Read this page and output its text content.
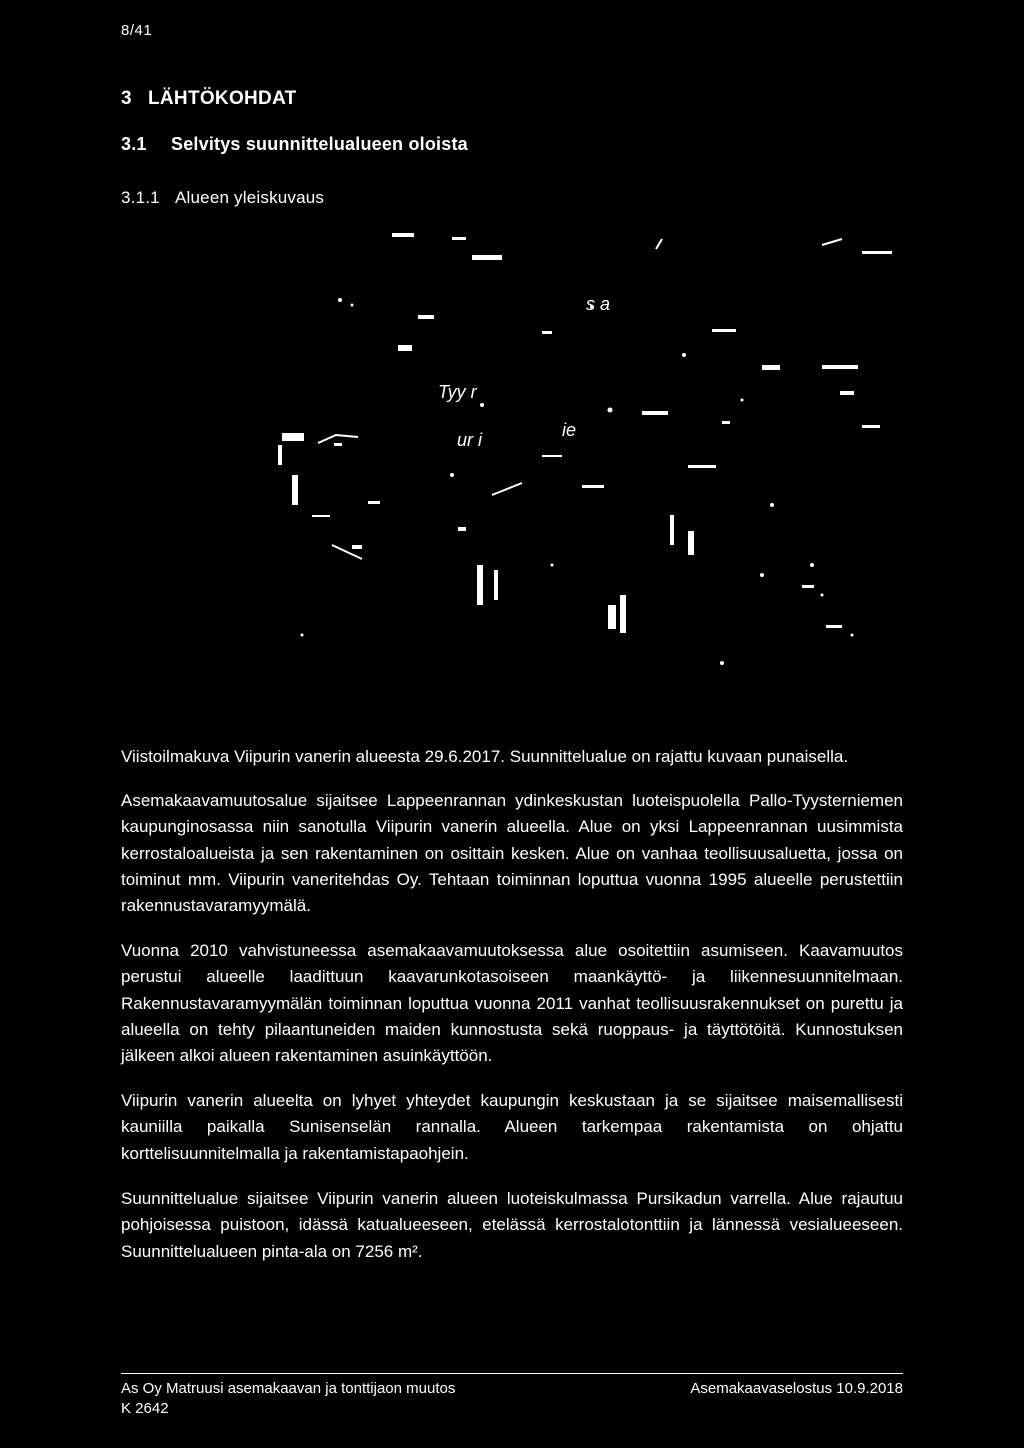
8/41
3 LÄHTÖKOHDAT
3.1 Selvitys suunnittelualueen oloista
3.1.1 Alueen yleiskuvaus
s a
Tyy r
ur i	ie
Viistoilmakuva Viipurin vanerin alueesta 29.6.2017. Suunnittelualue on rajattu kuvaan punaisella.

Asemakaavamuutosalue sijaitsee Lappeenrannan ydinkeskustan luoteispuolella Pallo-Tyysterniemen kaupunginosassa niin sanotulla Viipurin vanerin alueella. Alue on yksi Lappeenrannan uusimmista kerrostaloalueista ja sen rakentaminen on osittain kesken. Alue on vanhaa teollisuusaluetta, jossa on toiminut mm. Viipurin vaneritehdas Oy. Tehtaan toiminnan loputtua vuonna 1995 alueelle perustettiin rakennustavaramyymälä.

Vuonna 2010 vahvistuneessa asemakaavamuutoksessa alue osoitettiin asumiseen. Kaavamuutos perustui alueelle laadittuun kaavarunkotasoiseen maankäyttö- ja liikennesuunnitelmaan. Rakennustavaramyymälän toiminnan loputtua vuonna 2011 vanhat teollisuusrakennukset on purettu ja alueella on tehty pilaantuneiden maiden kunnostusta sekä ruoppaus- ja täyttötöitä. Kunnostuksen jälkeen alkoi alueen rakentaminen asuinkäyttöön.

Viipurin vanerin alueelta on lyhyet yhteydet kaupungin keskustaan ja se sijaitsee maisemallisesti kauniilla paikalla Sunisenselän rannalla. Alueen tarkempaa rakentamista on ohjattu korttelisuunnitelmalla ja rakentamistapaohjein.

Suunnittelualue sijaitsee Viipurin vanerin alueen luoteiskulmassa Pursikadun varrella. Alue rajautuu pohjoisessa puistoon, idässä katualueeseen, etelässä kerrostalotonttiin ja lännessä vesialueeseen. Suunnittelualueen pinta-ala on 7256 m².

As Oy Matruusi asemakaavan ja tonttijaon muutos
K 2642
Asemakaavaselostus 10.9.2018
